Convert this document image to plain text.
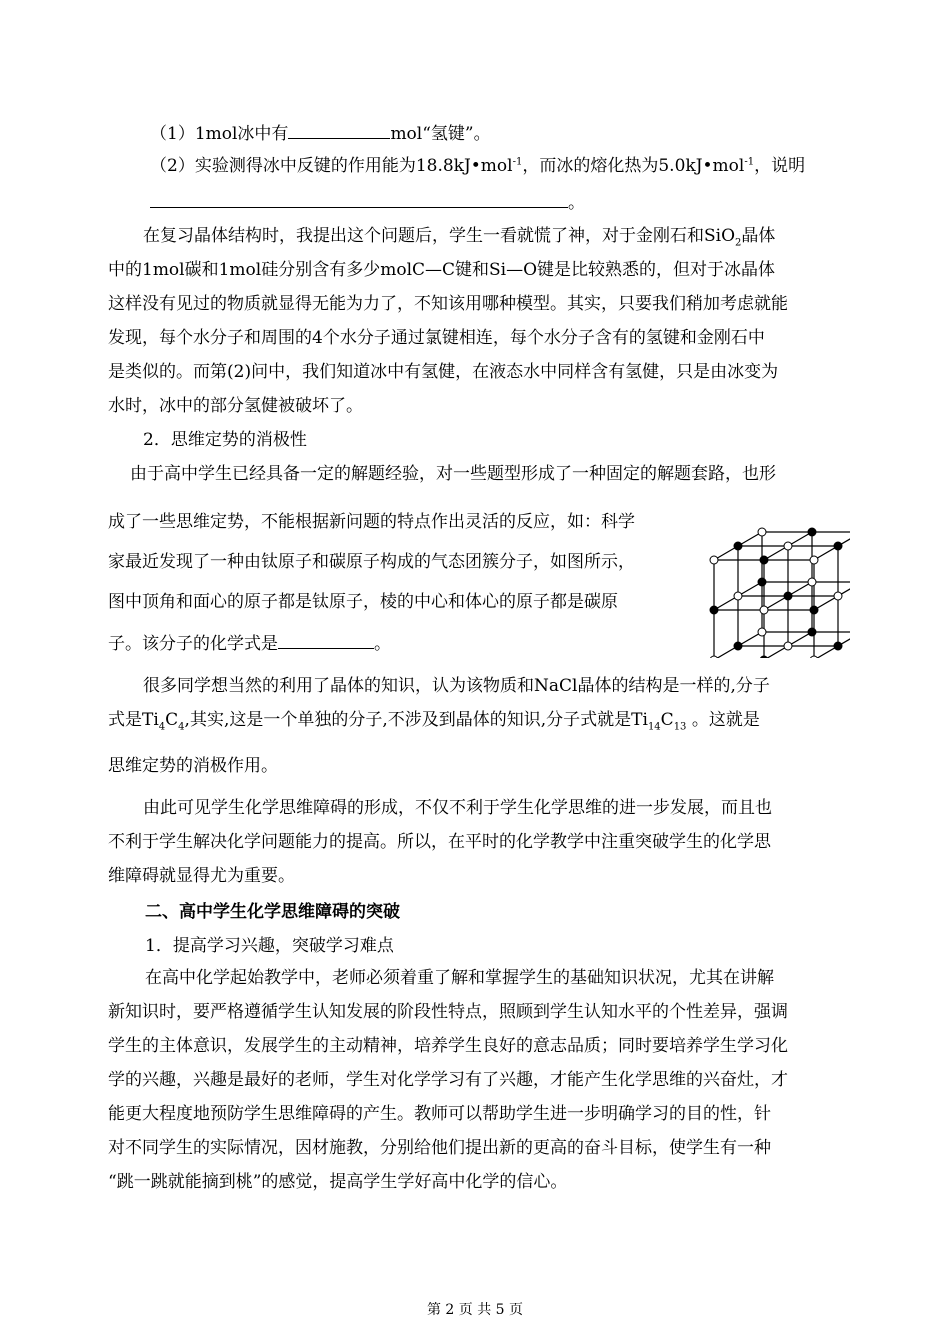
（1）1mol冰中有	mol“氢键”。
（2）实验测得冰中反键的作用能为18.8kJ•mol$^{-1}$，而冰的熔化热为5.0kJ•mol$^{-1}$，说明
。
在复习晶体结构时，我提出这个问题后，学生一看就慌了神，对于金刚石和SiO$_2$晶体
中的1mol碳和1mol硅分别含有多少molC—C键和Si—O键是比较熟悉的，但对于冰晶体
这样没有见过的物质就显得无能为力了，不知该用哪种模型。其实，只要我们稍加考虑就能
发现，每个水分子和周围的4个水分子通过氯键相连，每个水分子含有的氢键和金刚石中
是类似的。而第(2)问中，我们知道冰中有氢健，在液态水中同样含有氢健，只是由冰变为
水时，冰中的部分氢健被破坏了。
2．思维定势的消极性
由于高中学生已经具备一定的解题经验，对一些题型形成了一种固定的解题套路，也形
成了一些思维定势，不能根据新问题的特点作出灵活的反应，如：科学
家最近发现了一种由钛原子和碳原子构成的气态团簇分子，如图所示，
图中顶角和面心的原子都是钛原子，棱的中心和体心的原子都是碳原
子。该分子的化学式是	。
很多同学想当然的利用了晶体的知识，认为该物质和NaCl晶体的结构是一样的,分子
式是$Ti_4C_4$,其实,这是一个单独的分子,不涉及到晶体的知识,分子式就是$Ti_{14}C_{13}$ 。这就是
思维定势的消极作用。
由此可见学生化学思维障碍的形成，不仅不利于学生化学思维的进一步发展，而且也
不利于学生解决化学问题能力的提高。所以，在平时的化学教学中注重突破学生的化学思
维障碍就显得尤为重要。
二、高中学生化学思维障碍的突破
1．提高学习兴趣，突破学习难点
在高中化学起始教学中，老师必须着重了解和掌握学生的基础知识状况，尤其在讲解
新知识时，要严格遵循学生认知发展的阶段性特点，照顾到学生认知水平的个性差异，强调
学生的主体意识，发展学生的主动精神，培养学生良好的意志品质；同时要培养学生学习化
学的兴趣，兴趣是最好的老师，学生对化学学习有了兴趣，才能产生化学思维的兴奋灶，才
能更大程度地预防学生思维障碍的产生。教师可以帮助学生进一步明确学习的目的性，针
对不同学生的实际情况，因材施教，分别给他们提出新的更高的奋斗目标，使学生有一种
“跳一跳就能摘到桃”的感觉，提高学生学好高中化学的信心。
第 2 页 共 5 页
